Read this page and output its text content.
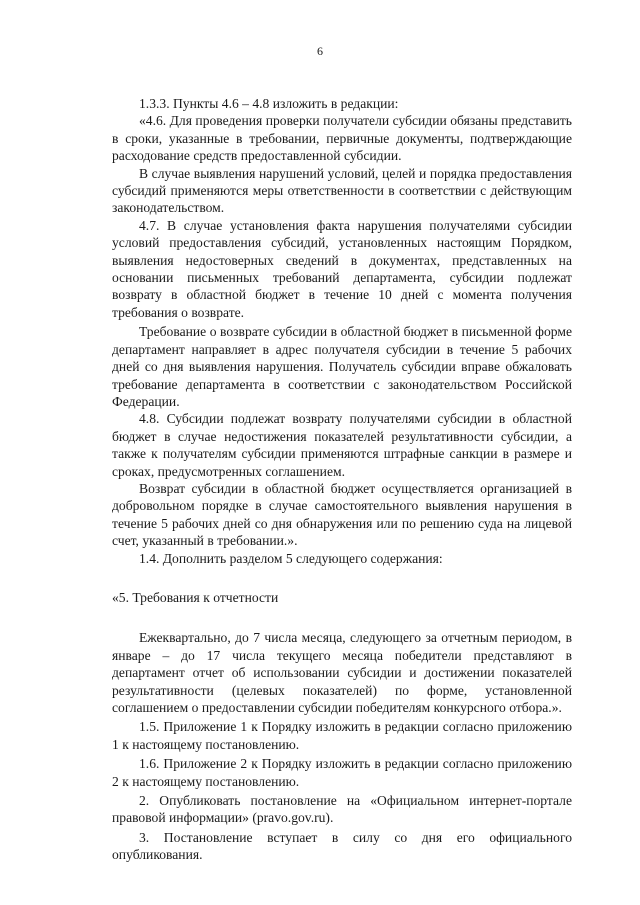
6

1.3.3. Пункты 4.6 – 4.8 изложить в редакции:

«4.6. Для проведения проверки получатели субсидии обязаны представить в сроки, указанные в требовании, первичные документы, подтверждающие расходование средств предоставленной субсидии.

В случае выявления нарушений условий, целей и порядка предоставления субсидий применяются меры ответственности в соответствии с действующим законодательством.

4.7. В случае установления факта нарушения получателями субсидии условий предоставления субсидий, установленных настоящим Порядком, выявления недостоверных сведений в документах, представленных на основании письменных требований департамента, субсидии подлежат возврату в областной бюджет в течение 10 дней с момента получения требования о возврате.

Требование о возврате субсидии в областной бюджет в письменной форме департамент направляет в адрес получателя субсидии в течение 5 рабочих дней со дня выявления нарушения. Получатель субсидии вправе обжаловать требование департамента в соответствии с законодательством Российской Федерации.

4.8. Субсидии подлежат возврату получателями субсидии в областной бюджет в случае недостижения показателей результативности субсидии, а также к получателям субсидии применяются штрафные санкции в размере и сроках, предусмотренных соглашением.

Возврат субсидии в областной бюджет осуществляется организацией в добровольном порядке в случае самостоятельного выявления нарушения в течение 5 рабочих дней со дня обнаружения или по решению суда на лицевой счет, указанный в требовании.».

1.4. Дополнить разделом 5 следующего содержания:

«5. Требования к отчетности

Ежеквартально, до 7 числа месяца, следующего за отчетным периодом, в январе – до 17 числа текущего месяца победители представляют в департамент отчет об использовании субсидии и достижении показателей результативности (целевых показателей) по форме, установленной соглашением о предоставлении субсидии победителям конкурсного отбора.».

1.5. Приложение 1 к Порядку изложить в редакции согласно приложению 1 к настоящему постановлению.

1.6. Приложение 2 к Порядку изложить в редакции согласно приложению 2 к настоящему постановлению.

2. Опубликовать постановление на «Официальном интернет-портале правовой информации» (pravo.gov.ru).

3. Постановление вступает в силу со дня его официального опубликования.
